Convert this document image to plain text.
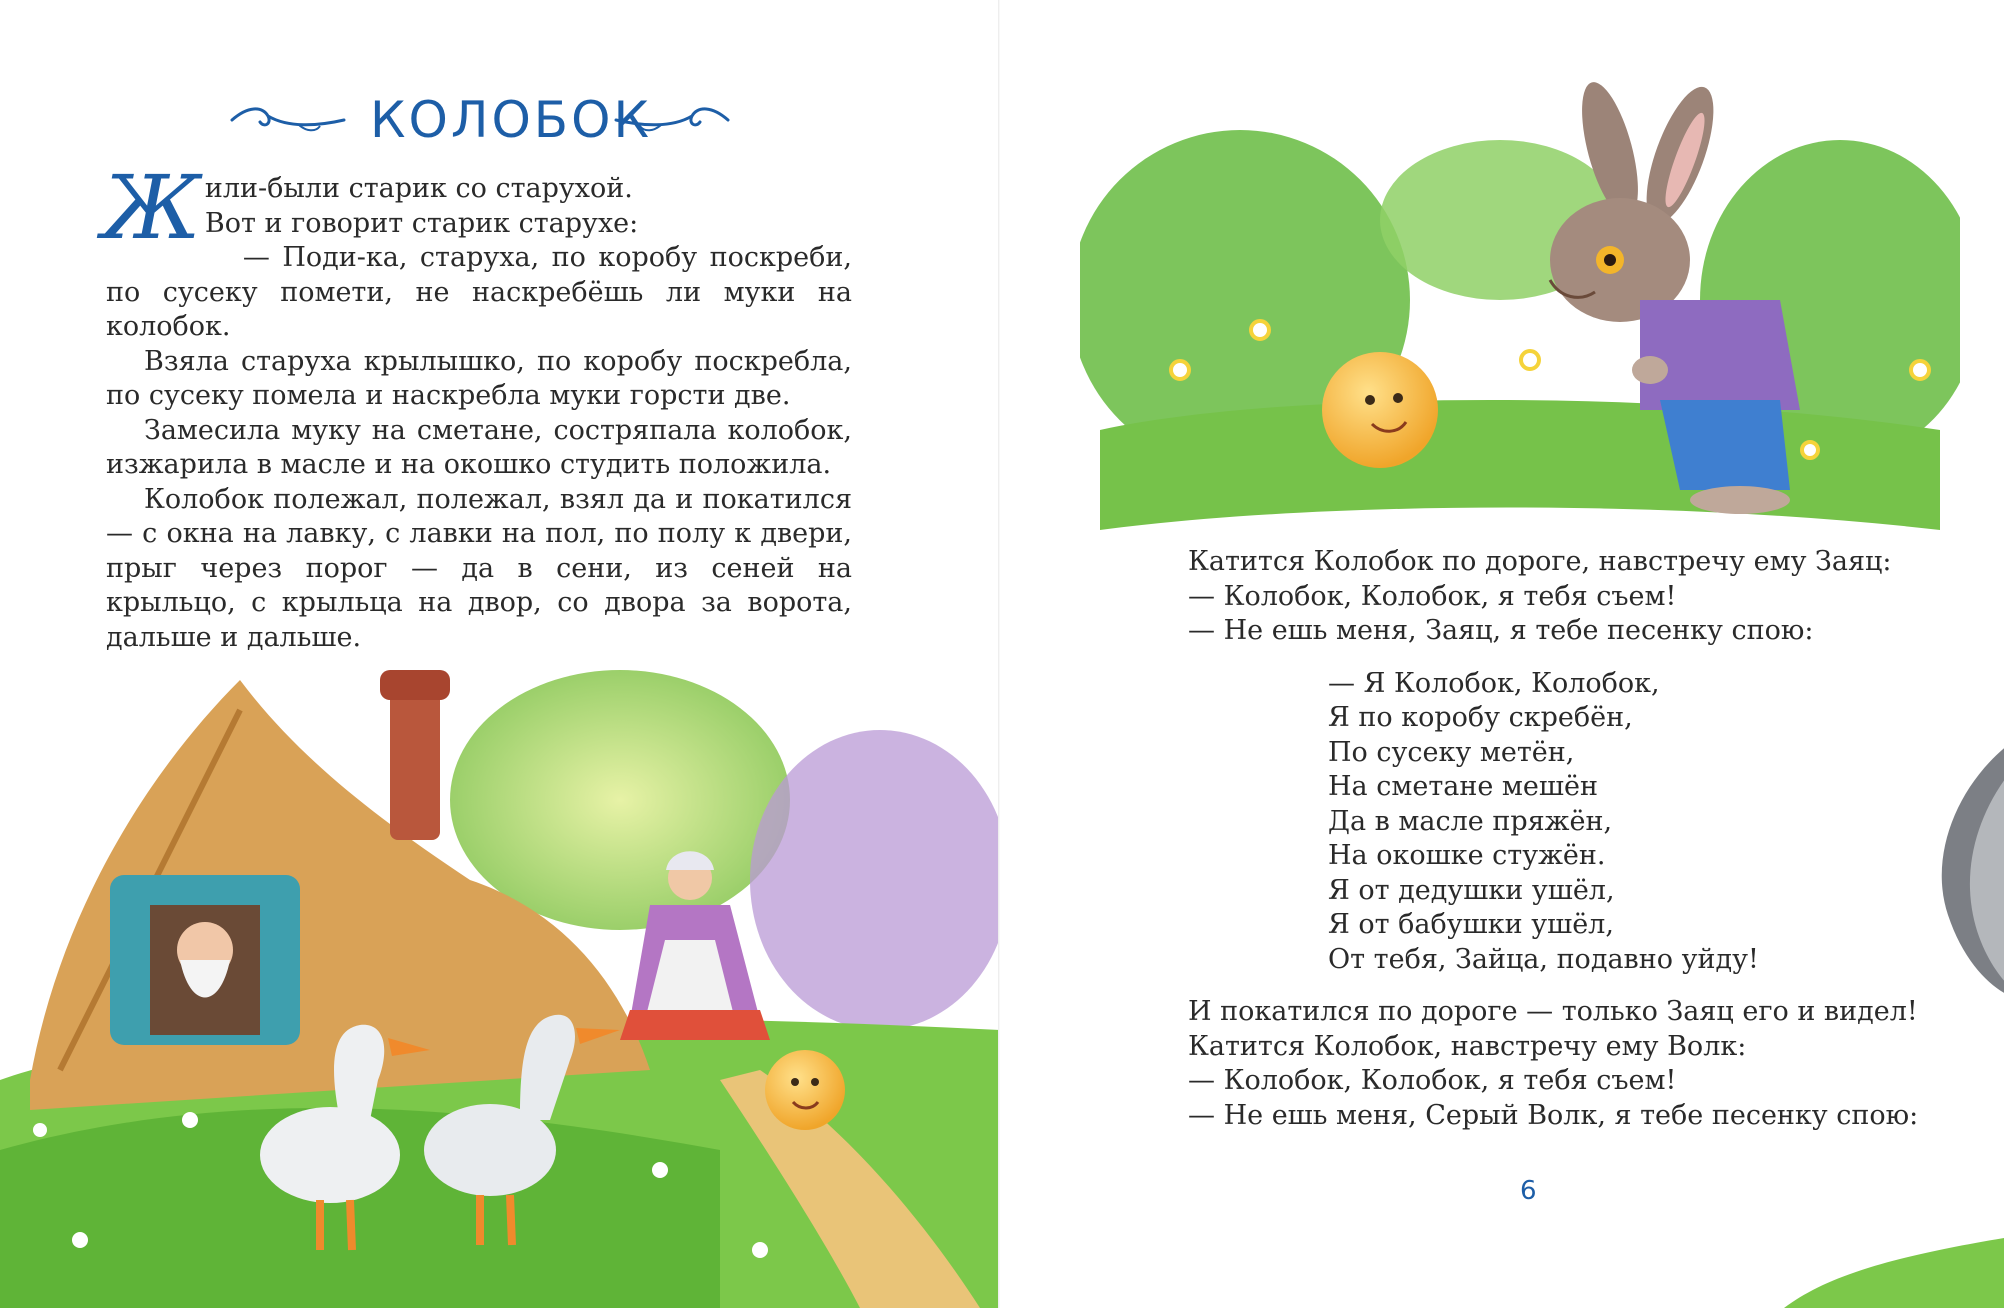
КОЛОБОК

Жили-были старик со старухой.

Вот и говорит старик старухе:

— Поди-ка, старуха, по коробу поскреби, по сусеку помети, не наскребёшь ли муки на колобок.

Взяла старуха крылышко, по коробу поскребла, по сусеку помела и наскребла муки горсти две.

Замесила муку на сметане, состряпала колобок, изжарила в масле и на окошко студить положила.

Колобок полежал, полежал, взял да и покатился — с окна на лавку, с лавки на пол, по полу к двери, прыг через порог — да в сени, из сеней на крыльцо, с крыльца на двор, со двора за ворота, дальше и дальше.

Катится Колобок по дороге, навстречу ему Заяц:

— Колобок, Колобок, я тебя съем!

— Не ешь меня, Заяц, я тебе песенку спою:

— Я Колобок, Колобок,

Я по коробу скребён,

По сусеку метён,

На сметане мешён

Да в масле пряжён,

На окошке стужён.

Я от дедушки ушёл,

Я от бабушки ушёл,

От тебя, Зайца, подавно уйду!

И покатился по дороге — только Заяц его и видел!

Катится Колобок, навстречу ему Волк:

— Колобок, Колобок, я тебя съем!

— Не ешь меня, Серый Волк, я тебе песенку спою:

6
